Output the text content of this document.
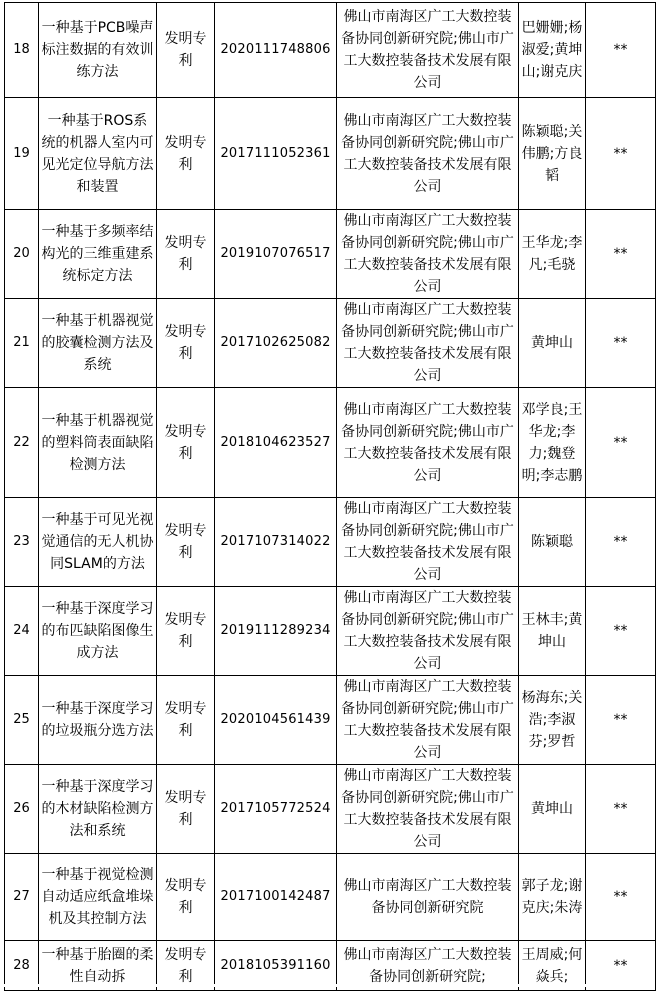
18	一种基于PCB噪声标注数据的有效训练方法	发明专利	2020111748806	佛山市南海区广工大数控装备协同创新研究院;佛山市广工大数控装备技术发展有限公司	巴姗姗;杨淑爱;黄坤山;谢克庆	**
19	一种基于ROS系统的机器人室内可见光定位导航方法和装置	发明专利	2017111052361	佛山市南海区广工大数控装备协同创新研究院;佛山市广工大数控装备技术发展有限公司	陈颖聪;关伟鹏;方良韬	**
20	一种基于多频率结构光的三维重建系统标定方法	发明专利	2019107076517	佛山市南海区广工大数控装备协同创新研究院;佛山市广工大数控装备技术发展有限公司	王华龙;李凡;毛骁	**
21	一种基于机器视觉的胶囊检测方法及系统	发明专利	2017102625082	佛山市南海区广工大数控装备协同创新研究院;佛山市广工大数控装备技术发展有限公司	黄坤山	**
22	一种基于机器视觉的塑料筒表面缺陷检测方法	发明专利	2018104623527	佛山市南海区广工大数控装备协同创新研究院;佛山市广工大数控装备技术发展有限公司	邓学良;王华龙;李力;魏登明;李志鹏	**
23	一种基于可见光视觉通信的无人机协同SLAM的方法	发明专利	2017107314022	佛山市南海区广工大数控装备协同创新研究院;佛山市广工大数控装备技术发展有限公司	陈颖聪	**
24	一种基于深度学习的布匹缺陷图像生成方法	发明专利	2019111289234	佛山市南海区广工大数控装备协同创新研究院;佛山市广工大数控装备技术发展有限公司	王林丰;黄坤山	**
25	一种基于深度学习的垃圾瓶分选方法	发明专利	2020104561439	佛山市南海区广工大数控装备协同创新研究院;佛山市广工大数控装备技术发展有限公司	杨海东;关浩;李淑芬;罗哲	**
26	一种基于深度学习的木材缺陷检测方法和系统	发明专利	2017105772524	佛山市南海区广工大数控装备协同创新研究院;佛山市广工大数控装备技术发展有限公司	黄坤山	**
27	一种基于视觉检测自动适应纸盒堆垛机及其控制方法	发明专利	2017100142487	佛山市南海区广工大数控装备协同创新研究院	郭子龙;谢克庆;朱涛	**
28	一种基于胎圈的柔性自动拆	发明专利	2018105391160	佛山市南海区广工大数控装备协同创新研究院;	王周威;何焱兵;	**
